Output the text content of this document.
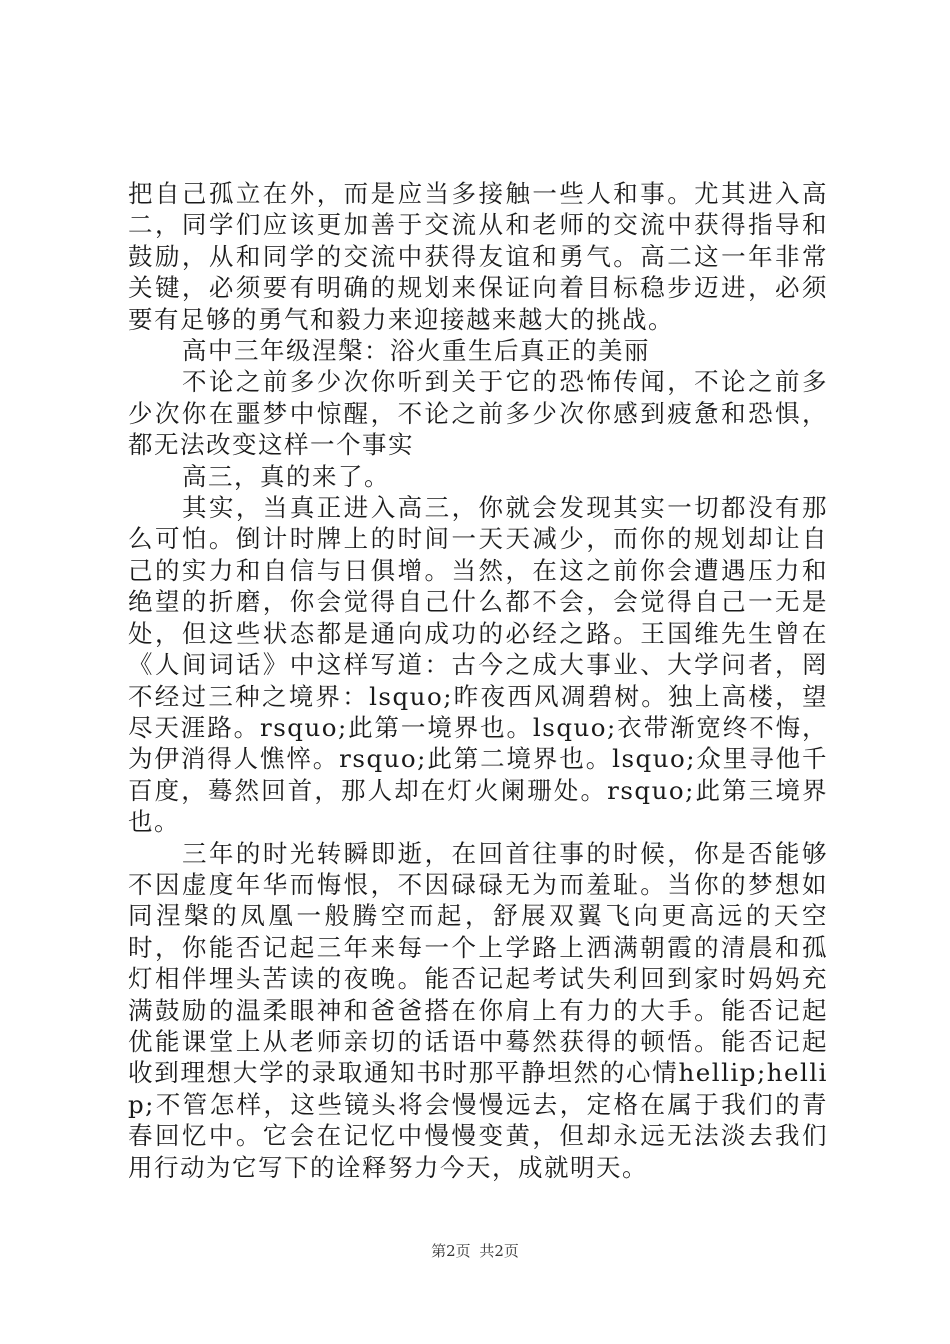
把自己孤立在外，而是应当多接触一些人和事。尤其进入高二，同学们应该更加善于交流从和老师的交流中获得指导和鼓励，从和同学的交流中获得友谊和勇气。高二这一年非常关键，必须要有明确的规划来保证向着目标稳步迈进，必须要有足够的勇气和毅力来迎接越来越大的挑战。

高中三年级涅槃：浴火重生后真正的美丽

不论之前多少次你听到关于它的恐怖传闻，不论之前多少次你在噩梦中惊醒，不论之前多少次你感到疲惫和恐惧，都无法改变这样一个事实

高三，真的来了。

其实，当真正进入高三，你就会发现其实一切都没有那么可怕。倒计时牌上的时间一天天减少，而你的规划却让自己的实力和自信与日俱增。当然，在这之前你会遭遇压力和绝望的折磨，你会觉得自己什么都不会，会觉得自己一无是处，但这些状态都是通向成功的必经之路。王国维先生曾在《人间词话》中这样写道：古今之成大事业、大学问者，罔不经过三种之境界：lsquo;昨夜西风凋碧树。独上高楼，望尽天涯路。rsquo;此第一境界也。lsquo;衣带渐宽终不悔，为伊消得人憔悴。rsquo;此第二境界也。lsquo;众里寻他千百度，蓦然回首，那人却在灯火阑珊处。rsquo;此第三境界也。

三年的时光转瞬即逝，在回首往事的时候，你是否能够不因虚度年华而悔恨，不因碌碌无为而羞耻。当你的梦想如同涅槃的凤凰一般腾空而起，舒展双翼飞向更高远的天空时，你能否记起三年来每一个上学路上洒满朝霞的清晨和孤灯相伴埋头苦读的夜晚。能否记起考试失利回到家时妈妈充满鼓励的温柔眼神和爸爸搭在你肩上有力的大手。能否记起优能课堂上从老师亲切的话语中蓦然获得的顿悟。能否记起收到理想大学的录取通知书时那平静坦然的心情hellip;hellip;不管怎样，这些镜头将会慢慢远去，定格在属于我们的青春回忆中。它会在记忆中慢慢变黄，但却永远无法淡去我们用行动为它写下的诠释努力今天，成就明天。

第2页 共2页
